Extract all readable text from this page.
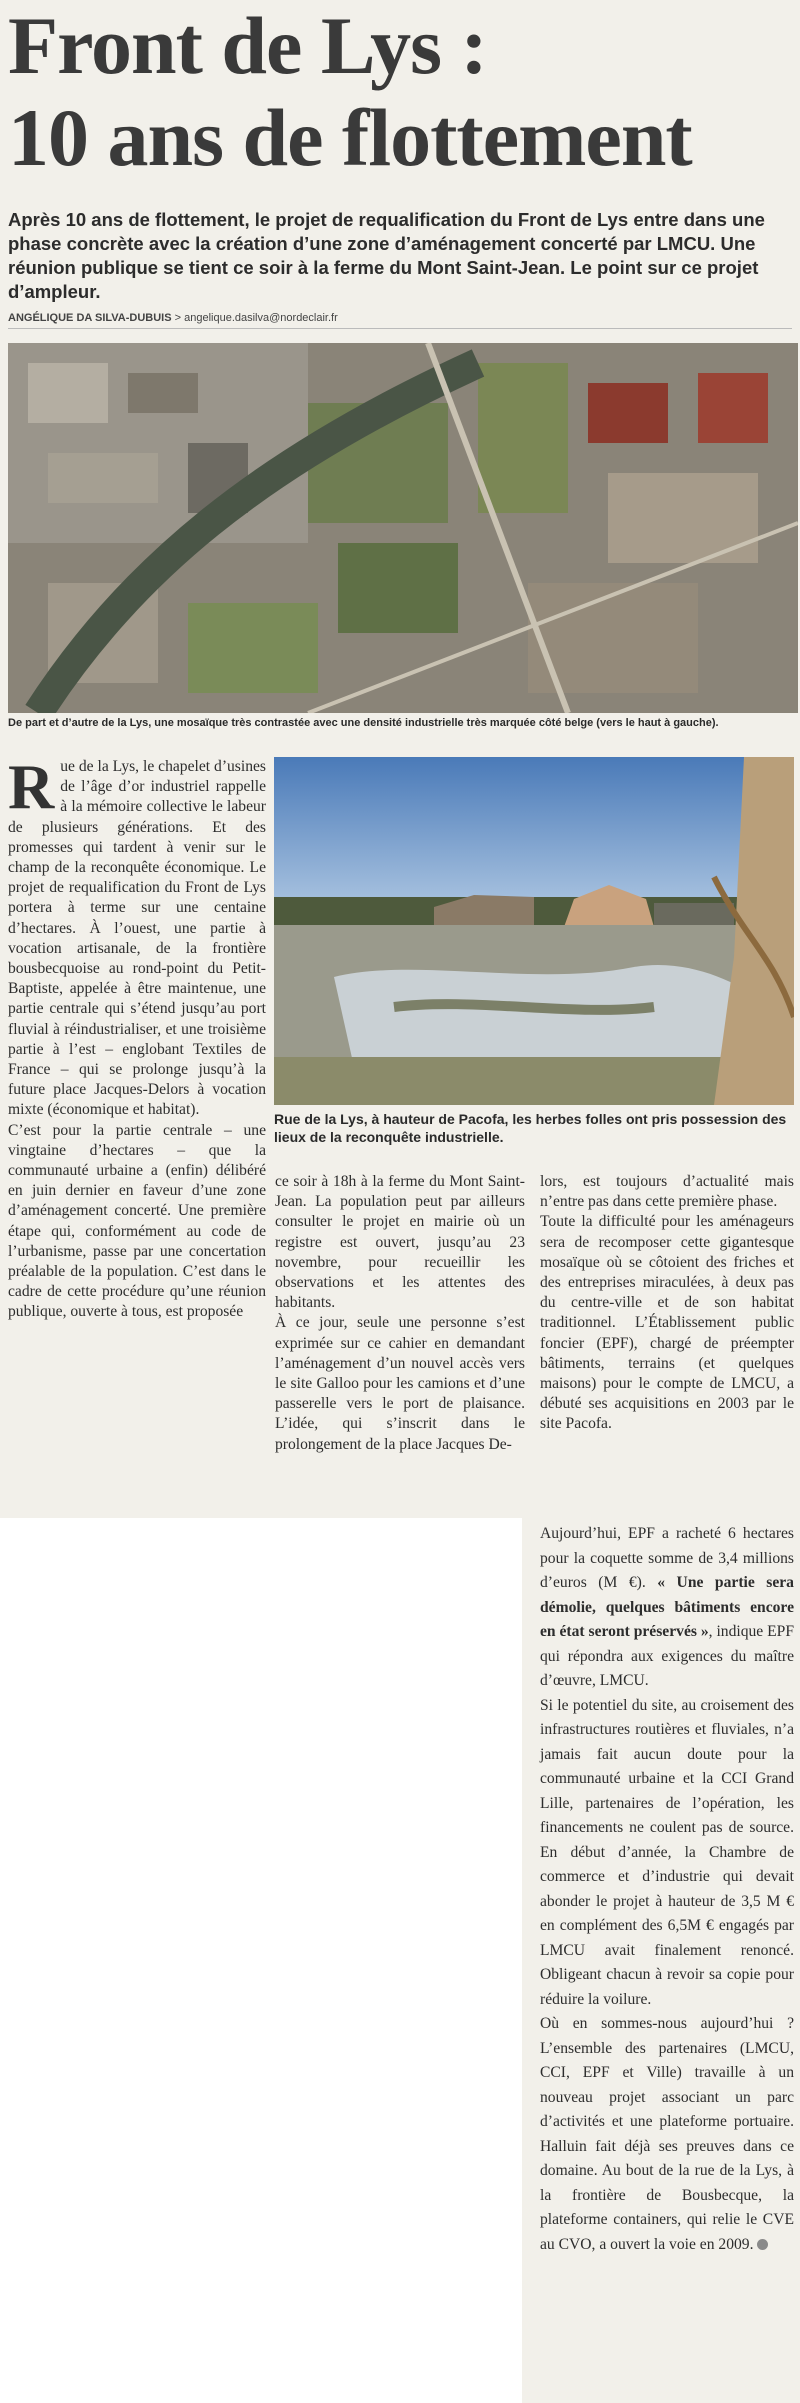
Front de Lys :
10 ans de flottement

Après 10 ans de flottement, le projet de requalification du Front de Lys entre dans une phase concrète avec la création d’une zone d’aménagement concerté par LMCU. Une réunion publique se tient ce soir à la ferme du Mont Saint-Jean. Le point sur ce projet d’ampleur.

ANGÉLIQUE DA SILVA-DUBUIS > angelique.dasilva@nordeclair.fr
De part et d’autre de la Lys, une mosaïque très contrastée avec une densité industrielle très marquée côté belge (vers le haut à gauche).
R ue de la Lys, le chapelet d’usines de l’âge d’or industriel rappelle à la mémoire collective le labeur de plusieurs générations. Et des promesses qui tardent à venir sur le champ de la reconquête économique. Le projet de requalification du Front de Lys portera à terme sur une centaine d’hectares. À l’ouest, une partie à vocation artisanale, de la frontière bousbecquoise au rond-point du Petit-Baptiste, appelée à être maintenue, une partie centrale qui s’étend jusqu’au port fluvial à réindustrialiser, et une troisième partie à l’est – englobant Textiles de France – qui se prolonge jusqu’à la future place Jacques-Delors à vocation mixte (économique et habitat).

C’est pour la partie centrale – une vingtaine d’hectares – que la communauté urbaine a (enfin) délibéré en juin dernier en faveur d’une zone d’aménagement concerté. Une première étape qui, conformément au code de l’urbanisme, passe par une concertation préalable de la population. C’est dans le cadre de cette procédure qu’une réunion publique, ouverte à tous, est proposée

Rue de la Lys, à hauteur de Pacofa, les herbes folles ont pris possession des lieux de la reconquête industrielle.

ce soir à 18h à la ferme du Mont Saint-Jean. La population peut par ailleurs consulter le projet en mairie où un registre est ouvert, jusqu’au 23 novembre, pour recueillir les observations et les attentes des habitants.

À ce jour, seule une personne s’est exprimée sur ce cahier en demandant l’aménagement d’un nouvel accès vers le site Galloo pour les camions et d’une passerelle vers le port de plaisance. L’idée, qui s’inscrit dans le prolongement de la place Jacques De-

lors, est toujours d’actualité mais n’entre pas dans cette première phase.

Toute la difficulté pour les aménageurs sera de recomposer cette gigantesque mosaïque où se côtoient des friches et des entreprises miraculées, à deux pas du centre-ville et de son habitat traditionnel. L’Établissement public foncier (EPF), chargé de préempter bâtiments, terrains (et quelques maisons) pour le compte de LMCU, a débuté ses acquisitions en 2003 par le site Pacofa.

Aujourd’hui, EPF a racheté 6 hectares pour la coquette somme de 3,4 millions d’euros (M €). « Une partie sera démolie, quelques bâtiments encore en état seront préservés », indique EPF qui répondra aux exigences du maître d’œuvre, LMCU.

Si le potentiel du site, au croisement des infrastructures routières et fluviales, n’a jamais fait aucun doute pour la communauté urbaine et la CCI Grand Lille, partenaires de l’opération, les financements ne coulent pas de source. En début d’année, la Chambre de commerce et d’industrie qui devait abonder le projet à hauteur de 3,5 M € en complément des 6,5M € engagés par LMCU avait finalement renoncé. Obligeant chacun à revoir sa copie pour réduire la voilure.

Où en sommes-nous aujourd’hui ? L’ensemble des partenaires (LMCU, CCI, EPF et Ville) travaille à un nouveau projet associant un parc d’activités et une plateforme portuaire. Halluin fait déjà ses preuves dans ce domaine. Au bout de la rue de la Lys, à la frontière de Bousbecque, la plateforme containers, qui relie le CVE au CVO, a ouvert la voie en 2009.
